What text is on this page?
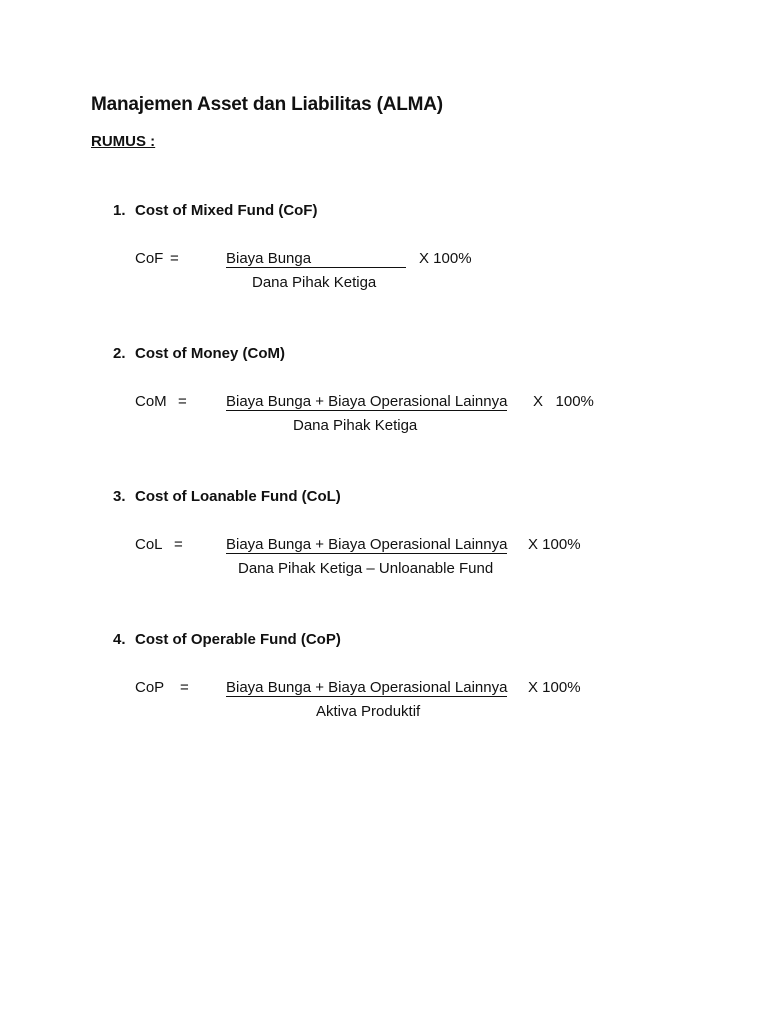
Manajemen Asset dan Liabilitas (ALMA)
RUMUS :
1. Cost of Mixed Fund (CoF)
CoF =	Biaya Bunga	X 100%
Dana Pihak Ketiga
2. Cost of Money (CoM)
CoM =	Biaya Bunga + Biaya Operasional Lainnya X   100%
Dana Pihak Ketiga
3. Cost of Loanable Fund (CoL)
CoL =	Biaya Bunga + Biaya Operasional Lainnya X 100%
Dana Pihak Ketiga – Unloanable Fund
4. Cost of Operable Fund (CoP)
CoP = Biaya Bunga + Biaya Operasional Lainnya X 100%
Aktiva Produktif
